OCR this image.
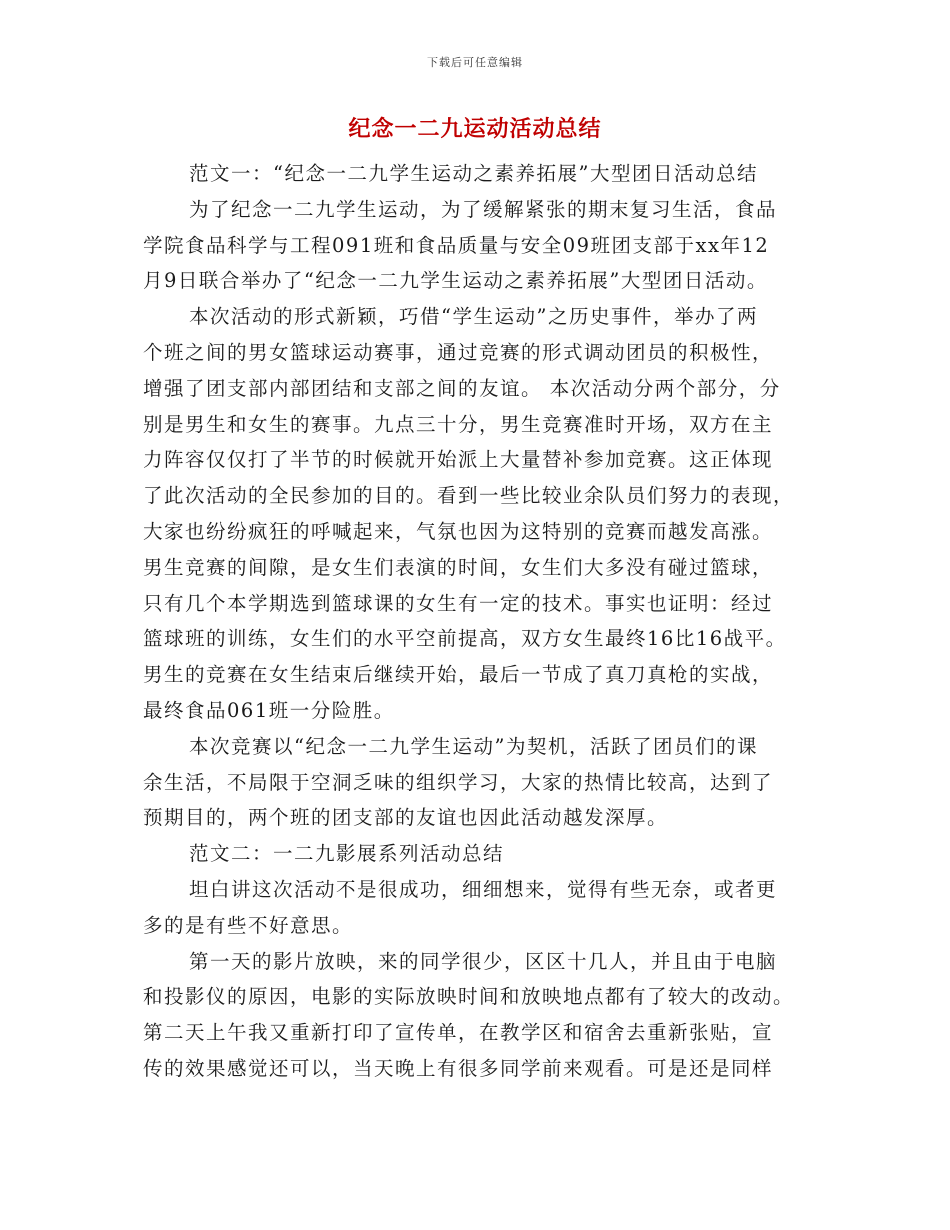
下载后可任意编辑
纪念一二九运动活动总结
范文一：“纪念一二九学生运动之素养拓展”大型团日活动总结
为了纪念一二九学生运动，为了缓解紧张的期末复习生活，食品
学院食品科学与工程091班和食品质量与安全09班团支部于xx年12
月9日联合举办了“纪念一二九学生运动之素养拓展”大型团日活动。
本次活动的形式新颖，巧借“学生运动”之历史事件，举办了两
个班之间的男女篮球运动赛事，通过竞赛的形式调动团员的积极性，
增强了团支部内部团结和支部之间的友谊。 本次活动分两个部分，分
别是男生和女生的赛事。九点三十分，男生竞赛准时开场，双方在主
力阵容仅仅打了半节的时候就开始派上大量替补参加竞赛。这正体现
了此次活动的全民参加的目的。看到一些比较业余队员们努力的表现，
大家也纷纷疯狂的呼喊起来，气氛也因为这特别的竞赛而越发高涨。
男生竞赛的间隙，是女生们表演的时间，女生们大多没有碰过篮球，
只有几个本学期选到篮球课的女生有一定的技术。事实也证明：经过
篮球班的训练，女生们的水平空前提高，双方女生最终16比16战平。
男生的竞赛在女生结束后继续开始，最后一节成了真刀真枪的实战，
最终食品061班一分险胜。
本次竞赛以“纪念一二九学生运动”为契机，活跃了团员们的课
余生活，不局限于空洞乏味的组织学习，大家的热情比较高，达到了
预期目的，两个班的团支部的友谊也因此活动越发深厚。
范文二：一二九影展系列活动总结
坦白讲这次活动不是很成功，细细想来，觉得有些无奈，或者更
多的是有些不好意思。
第一天的影片放映，来的同学很少，区区十几人，并且由于电脑
和投影仪的原因，电影的实际放映时间和放映地点都有了较大的改动。
第二天上午我又重新打印了宣传单，在教学区和宿舍去重新张贴，宣
传的效果感觉还可以，当天晚上有很多同学前来观看。可是还是同样
